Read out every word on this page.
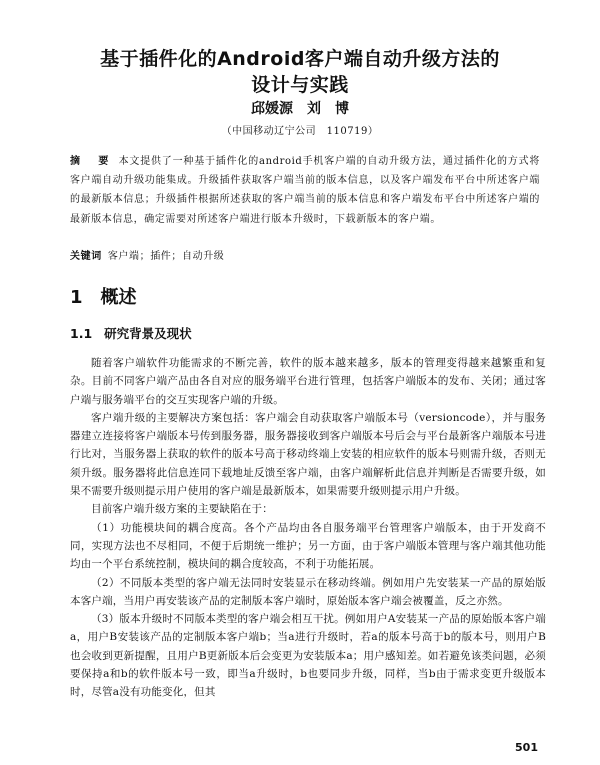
基于插件化的Android客户端自动升级方法的
设计与实践
邱媛源　刘　博
（中国移动辽宁公司　110719）
摘　要 本文提供了一种基于插件化的android手机客户端的自动升级方法，通过插件化的方式将客户端自动升级功能集成。升级插件获取客户端当前的版本信息，以及客户端发布平台中所述客户端的最新版本信息；升级插件根据所述获取的客户端当前的版本信息和客户端发布平台中所述客户端的最新版本信息，确定需要对所述客户端进行版本升级时，下载新版本的客户端。
关键词 客户端；插件；自动升级
1 概述
1.1 研究背景及现状

随着客户端软件功能需求的不断完善，软件的版本越来越多，版本的管理变得越来越繁重和复杂。目前不同客户端产品由各自对应的服务端平台进行管理，包括客户端版本的发布、关闭；通过客户端与服务端平台的交互实现客户端的升级。

客户端升级的主要解决方案包括：客户端会自动获取客户端版本号（versioncode），并与服务器建立连接将客户端版本号传到服务器，服务器接收到客户端版本号后会与平台最新客户端版本号进行比对，当服务器上获取的软件的版本号高于移动终端上安装的相应软件的版本号则需升级，否则无须升级。服务器将此信息连同下载地址反馈至客户端，由客户端解析此信息并判断是否需要升级，如果不需要升级则提示用户使用的客户端是最新版本，如果需要升级则提示用户升级。

目前客户端升级方案的主要缺陷在于：

（1）功能模块间的耦合度高。各个产品均由各自服务端平台管理客户端版本，由于开发商不同，实现方法也不尽相同，不便于后期统一维护；另一方面，由于客户端版本管理与客户端其他功能均由一个平台系统控制，模块间的耦合度较高，不利于功能拓展。

（2）不同版本类型的客户端无法同时安装显示在移动终端。例如用户先安装某一产品的原始版本客户端，当用户再安装该产品的定制版本客户端时，原始版本客户端会被覆盖，反之亦然。

（3）版本升级时不同版本类型的客户端会相互干扰。例如用户A安装某一产品的原始版本客户端a，用户B安装该产品的定制版本客户端b；当a进行升级时，若a的版本号高于b的版本号，则用户B也会收到更新提醒，且用户B更新版本后会变更为安装版本a；用户感知差。如若避免该类问题，必须要保持a和b的软件版本号一致，即当a升级时，b也要同步升级，同样，当b由于需求变更升级版本时，尽管a没有功能变化，但其

501
